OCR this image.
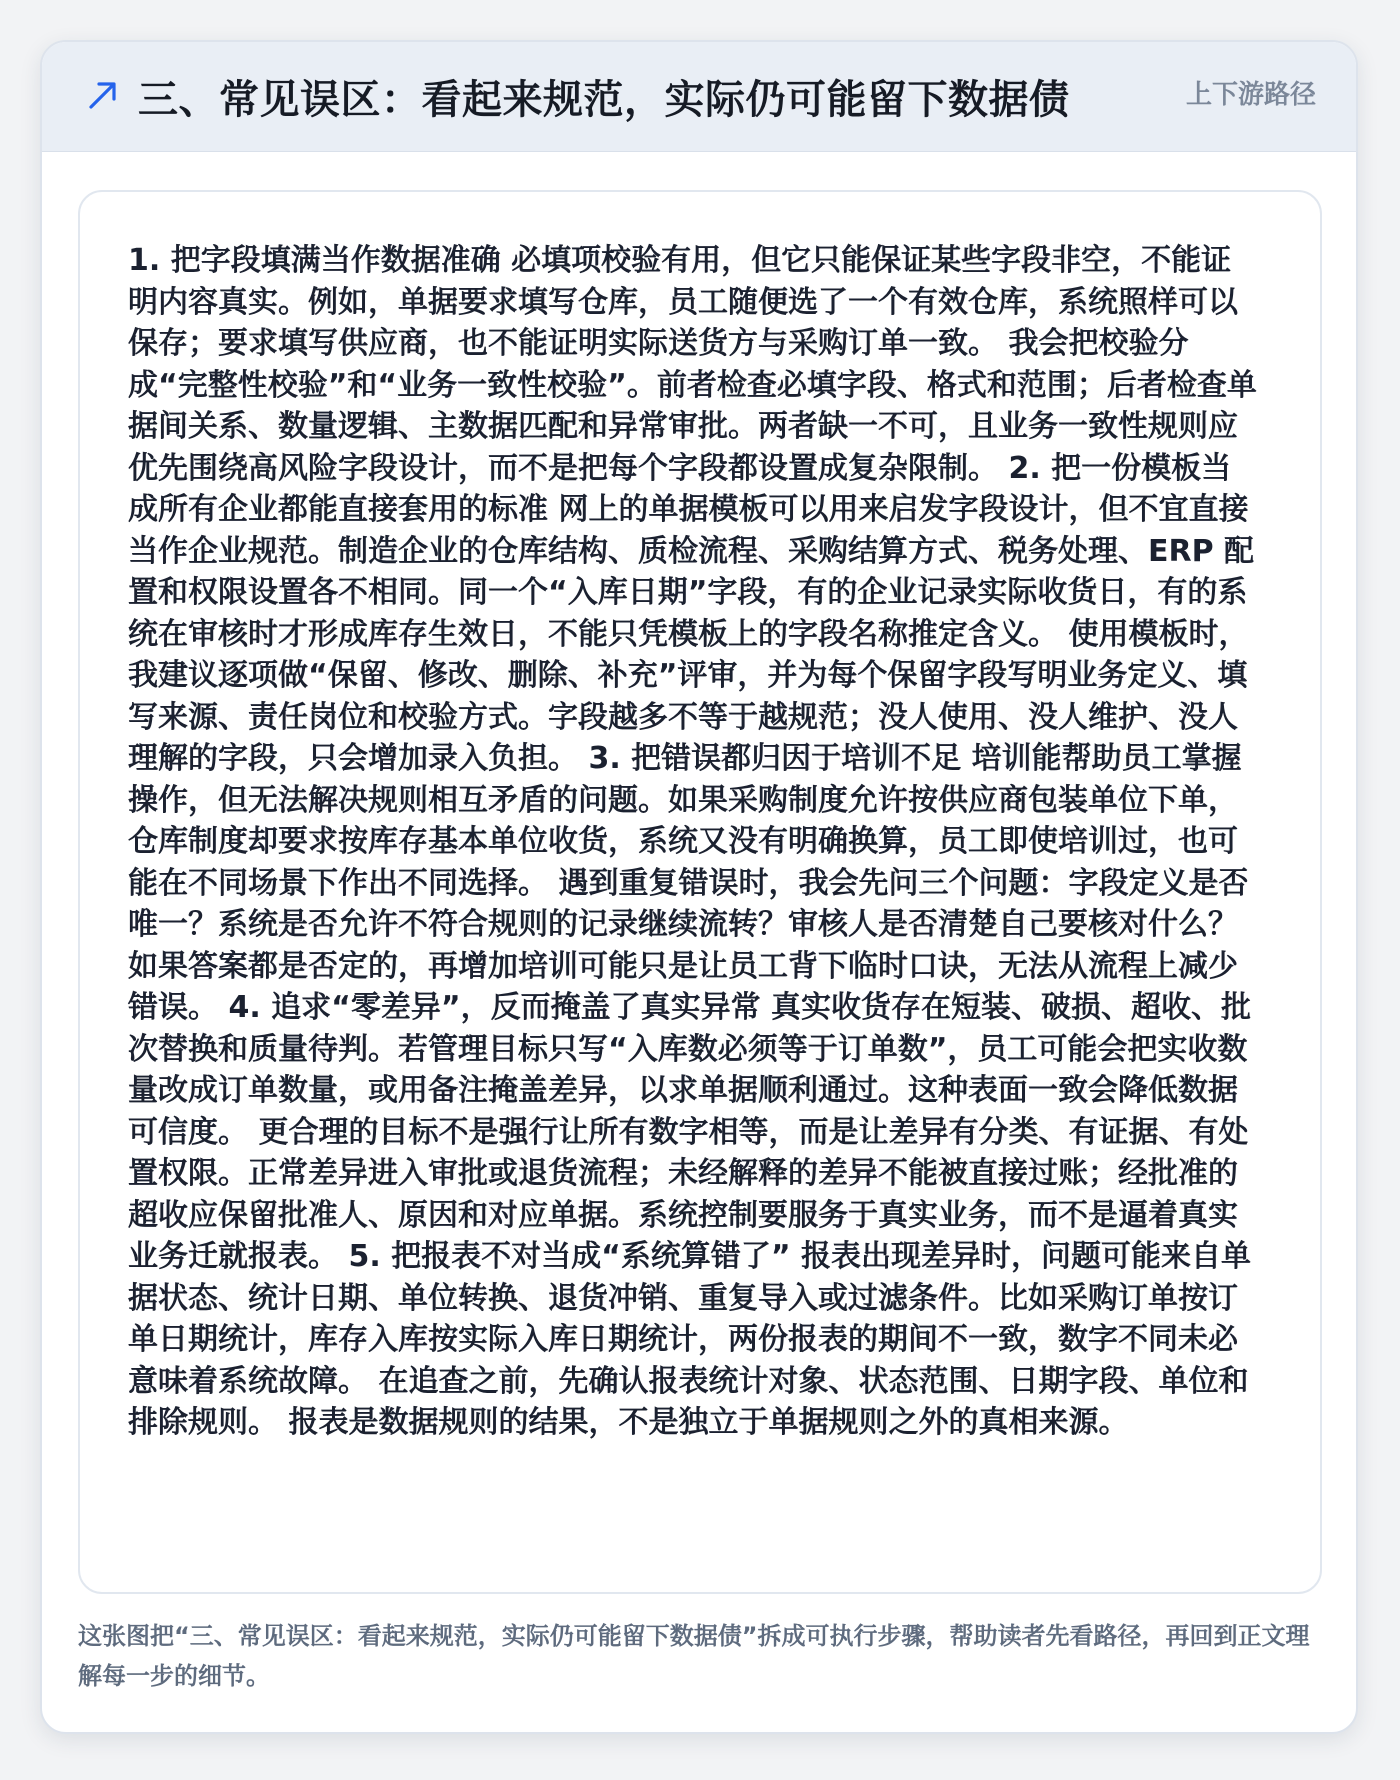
三、常见误区：看起来规范，实际仍可能留下数据债	上下游路径

1. 把字段填满当作数据准确 必填项校验有用，但它只能保证某些字段非空，不能证明内容真实。例如，单据要求填写仓库，员工随便选了一个有效仓库，系统照样可以保存；要求填写供应商，也不能证明实际送货方与采购订单一致。 我会把校验分成“完整性校验”和“业务一致性校验”。前者检查必填字段、格式和范围；后者检查单据间关系、数量逻辑、主数据匹配和异常审批。两者缺一不可，且业务一致性规则应优先围绕高风险字段设计，而不是把每个字段都设置成复杂限制。 2. 把一份模板当成所有企业都能直接套用的标准 网上的单据模板可以用来启发字段设计，但不宜直接当作企业规范。制造企业的仓库结构、质检流程、采购结算方式、税务处理、ERP 配置和权限设置各不相同。同一个“入库日期”字段，有的企业记录实际收货日，有的系统在审核时才形成库存生效日，不能只凭模板上的字段名称推定含义。 使用模板时，我建议逐项做“保留、修改、删除、补充”评审，并为每个保留字段写明业务定义、填写来源、责任岗位和校验方式。字段越多不等于越规范；没人使用、没人维护、没人理解的字段，只会增加录入负担。 3. 把错误都归因于培训不足 培训能帮助员工掌握操作，但无法解决规则相互矛盾的问题。如果采购制度允许按供应商包装单位下单，仓库制度却要求按库存基本单位收货，系统又没有明确换算，员工即使培训过，也可能在不同场景下作出不同选择。 遇到重复错误时，我会先问三个问题：字段定义是否唯一？系统是否允许不符合规则的记录继续流转？审核人是否清楚自己要核对什么？如果答案都是否定的，再增加培训可能只是让员工背下临时口诀，无法从流程上减少错误。 4. 追求“零差异”，反而掩盖了真实异常 真实收货存在短装、破损、超收、批次替换和质量待判。若管理目标只写“入库数必须等于订单数”，员工可能会把实收数量改成订单数量，或用备注掩盖差异，以求单据顺利通过。这种表面一致会降低数据可信度。 更合理的目标不是强行让所有数字相等，而是让差异有分类、有证据、有处置权限。正常差异进入审批或退货流程；未经解释的差异不能被直接过账；经批准的超收应保留批准人、原因和对应单据。系统控制要服务于真实业务，而不是逼着真实业务迁就报表。 5. 把报表不对当成“系统算错了” 报表出现差异时，问题可能来自单据状态、统计日期、单位转换、退货冲销、重复导入或过滤条件。比如采购订单按订单日期统计，库存入库按实际入库日期统计，两份报表的期间不一致，数字不同未必意味着系统故障。 在追查之前，先确认报表统计对象、状态范围、日期字段、单位和排除规则。 报表是数据规则的结果，不是独立于单据规则之外的真相来源。

这张图把“三、常见误区：看起来规范，实际仍可能留下数据债”拆成可执行步骤，帮助读者先看路径，再回到正文理解每一步的细节。
